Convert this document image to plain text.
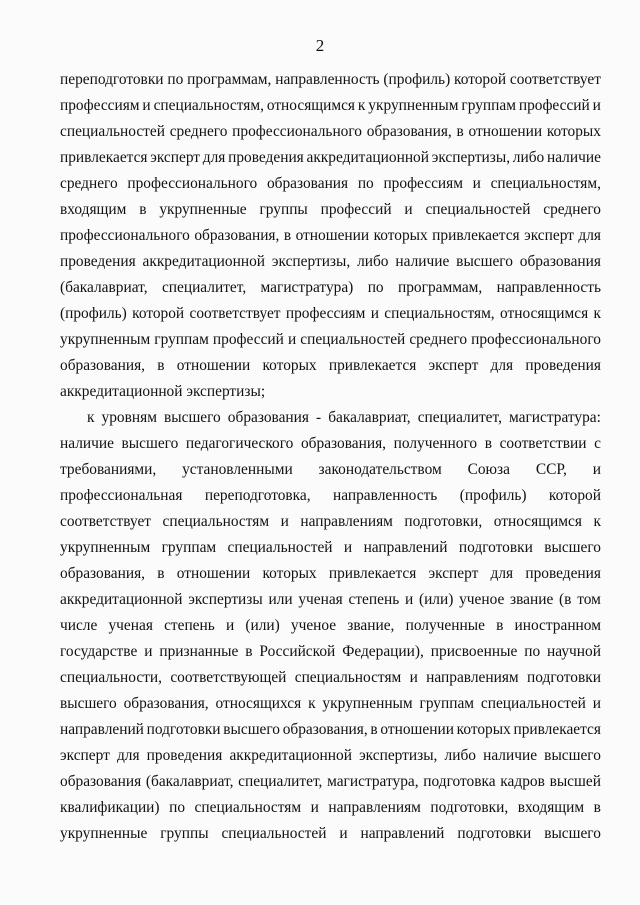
2
переподготовки по программам, направленность (профиль) которой соответствует
профессиям и специальностям, относящимся к укрупненным группам профессий и
специальностей среднего профессионального образования, в отношении которых
привлекается эксперт для проведения аккредитационной экспертизы, либо наличие
среднего профессионального образования по профессиям и специальностям,
входящим в укрупненные группы профессий и специальностей среднего
профессионального образования, в отношении которых привлекается эксперт для
проведения аккредитационной экспертизы, либо наличие высшего образования
(бакалавриат, специалитет, магистратура) по программам, направленность
(профиль) которой соответствует профессиям и специальностям, относящимся к
укрупненным группам профессий и специальностей среднего профессионального
образования, в отношении которых привлекается эксперт для проведения
аккредитационной экспертизы;
к уровням высшего образования - бакалавриат, специалитет, магистратура:
наличие высшего педагогического образования, полученного в соответствии с
требованиями, установленными законодательством Союза ССР, и
профессиональная переподготовка, направленность (профиль) которой
соответствует специальностям и направлениям подготовки, относящимся к
укрупненным группам специальностей и направлений подготовки высшего
образования, в отношении которых привлекается эксперт для проведения
аккредитационной экспертизы или ученая степень и (или) ученое звание (в том
числе ученая степень и (или) ученое звание, полученные в иностранном
государстве и признанные в Российской Федерации), присвоенные по научной
специальности, соответствующей специальностям и направлениям подготовки
высшего образования, относящихся к укрупненным группам специальностей и
направлений подготовки высшего образования, в отношении которых привлекается
эксперт для проведения аккредитационной экспертизы, либо наличие высшего
образования (бакалавриат, специалитет, магистратура, подготовка кадров высшей
квалификации) по специальностям и направлениям подготовки, входящим в
укрупненные группы специальностей и направлений подготовки высшего
